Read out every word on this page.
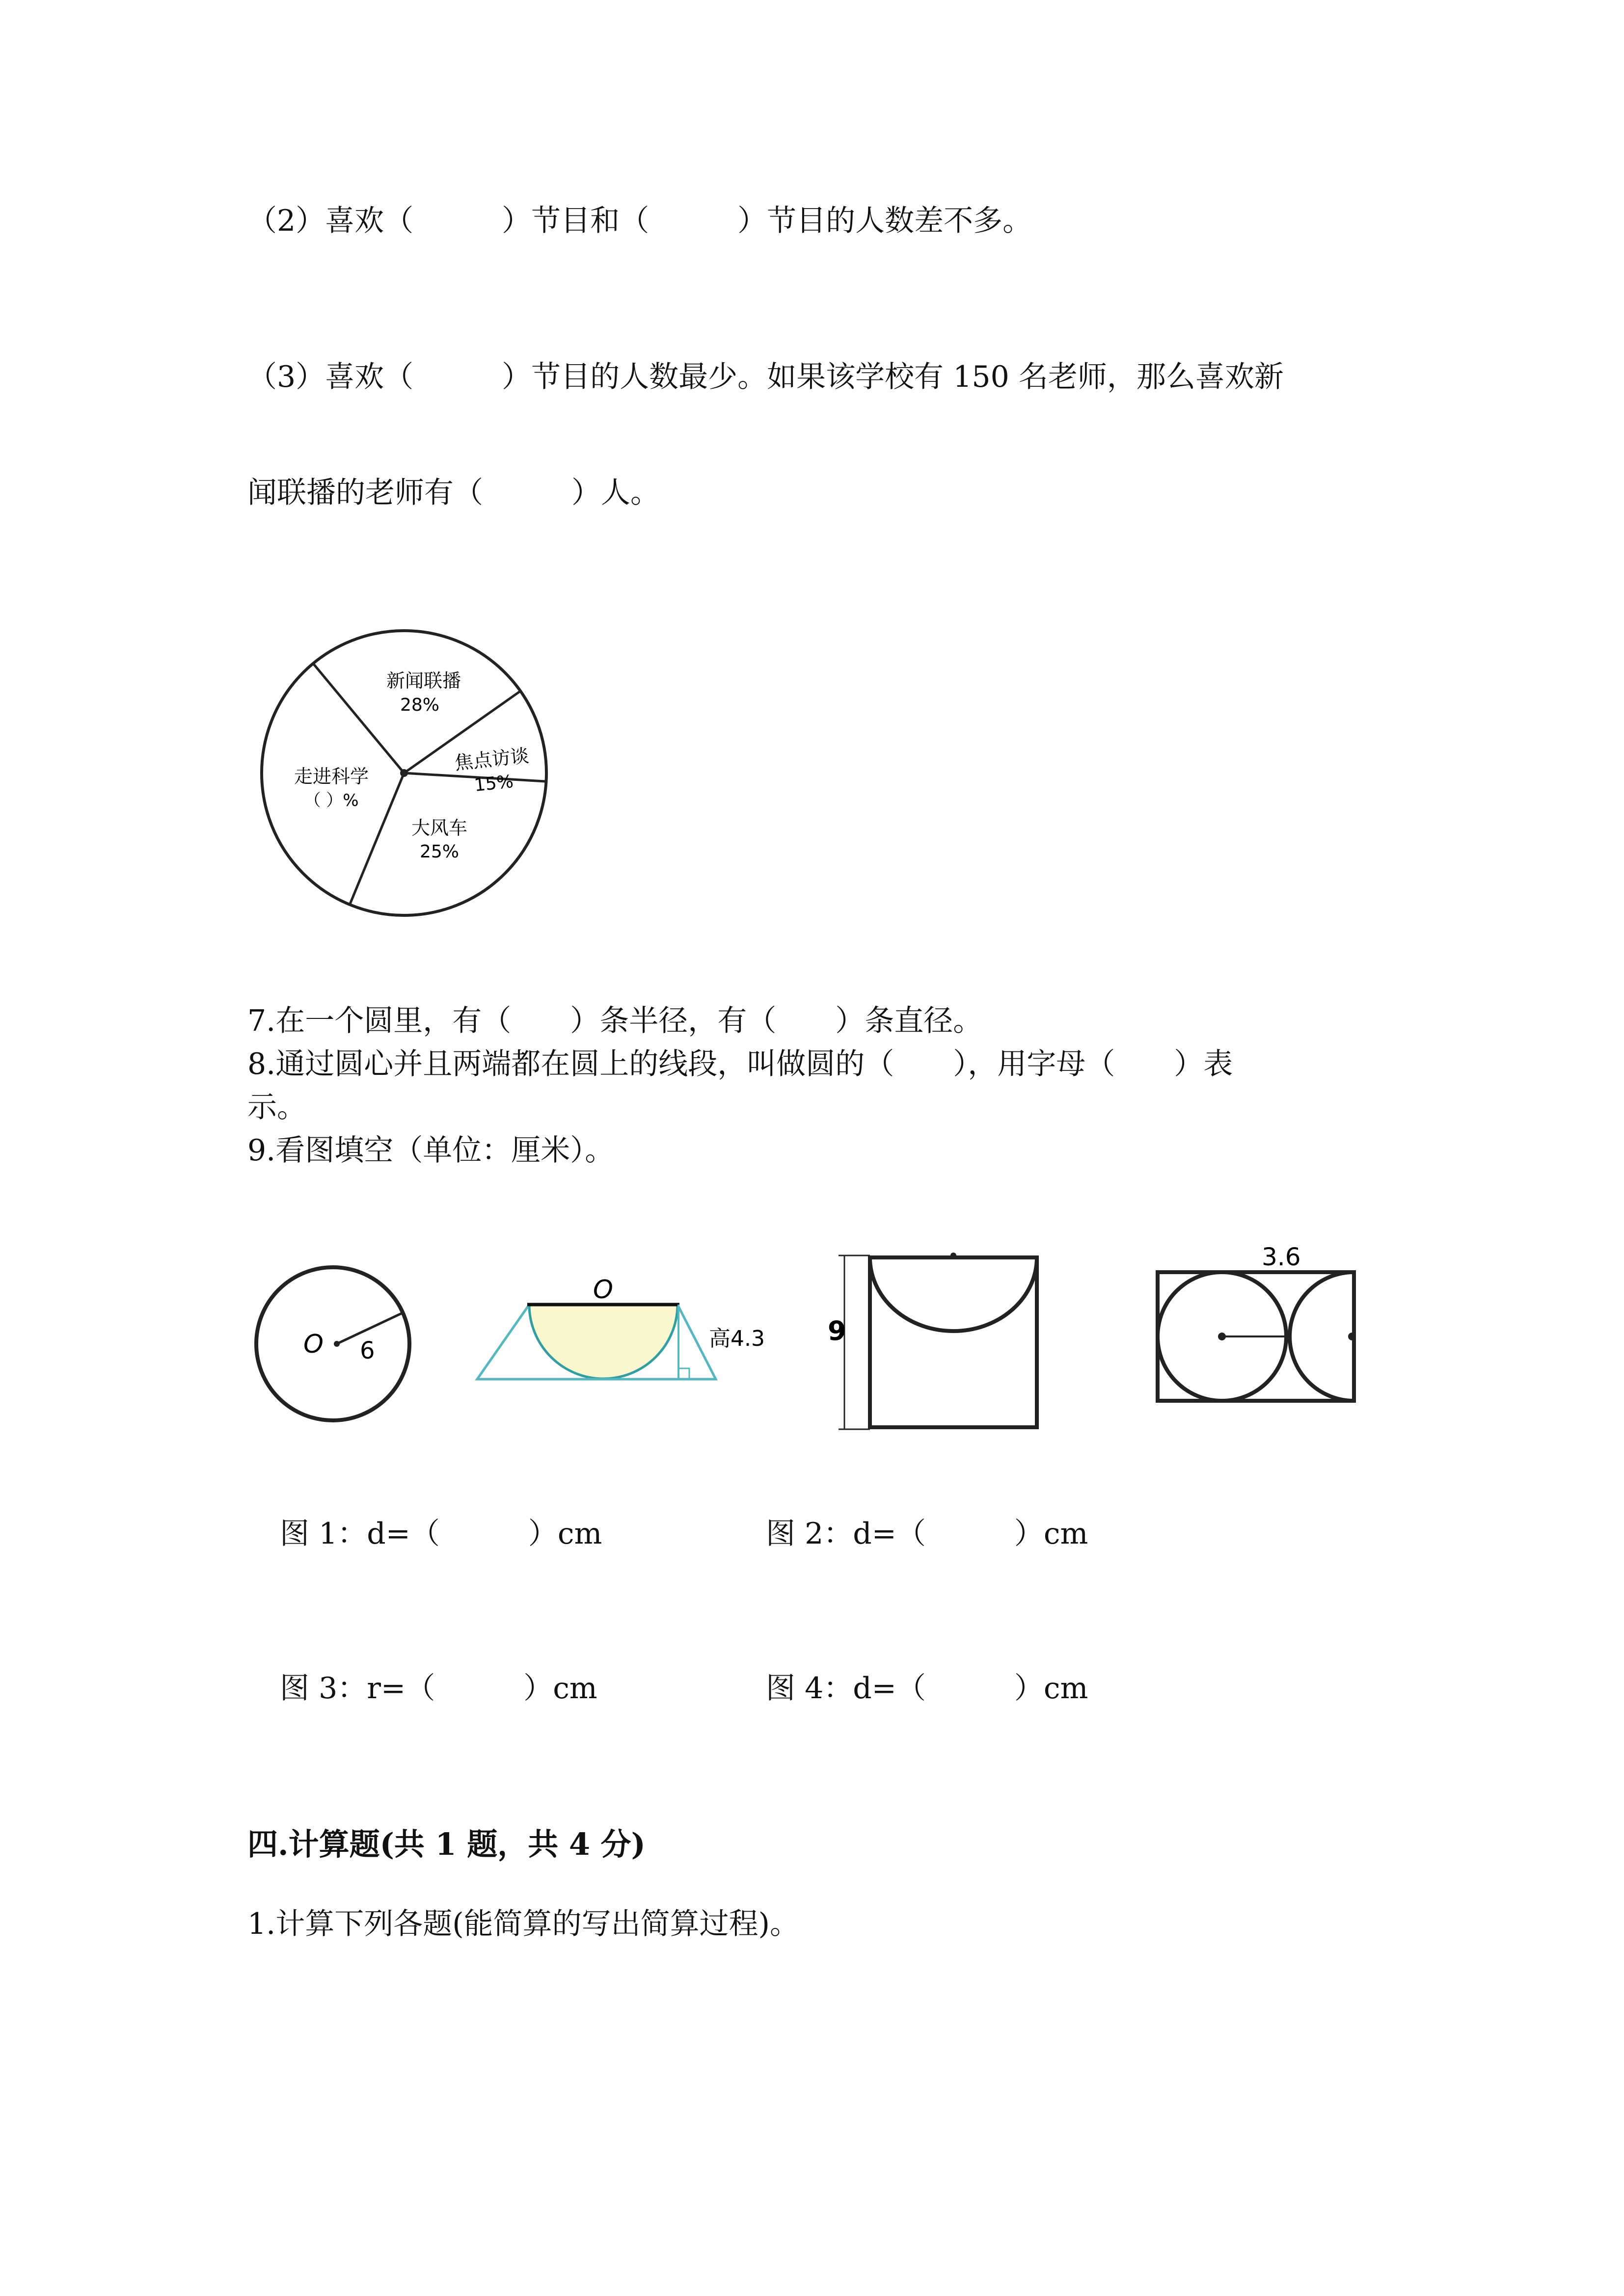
（2）喜欢（　　　）节目和（　　　）节目的人数差不多。
（3）喜欢（　　　）节目的人数最少。如果该学校有 150 名老师，那么喜欢新
闻联播的老师有（　　　）人。
新闻联播
28%
焦点访谈
15%
走进科学
（ ）%
大风车
25%
7.在一个圆里，有（　　）条半径，有（　　）条直径。
8.通过圆心并且两端都在圆上的线段，叫做圆的（　　），用字母（　　）表
示。
9.看图填空（单位：厘米）。
O 6
O
高4.3 9
3.6
图 1：d=（　　　）cm	图 2：d=（　　　）cm
图 3：r=（　　　）cm	图 4：d=（　　　）cm
四.计算题(共 1 题，共 4 分)
1.计算下列各题(能简算的写出简算过程)。
